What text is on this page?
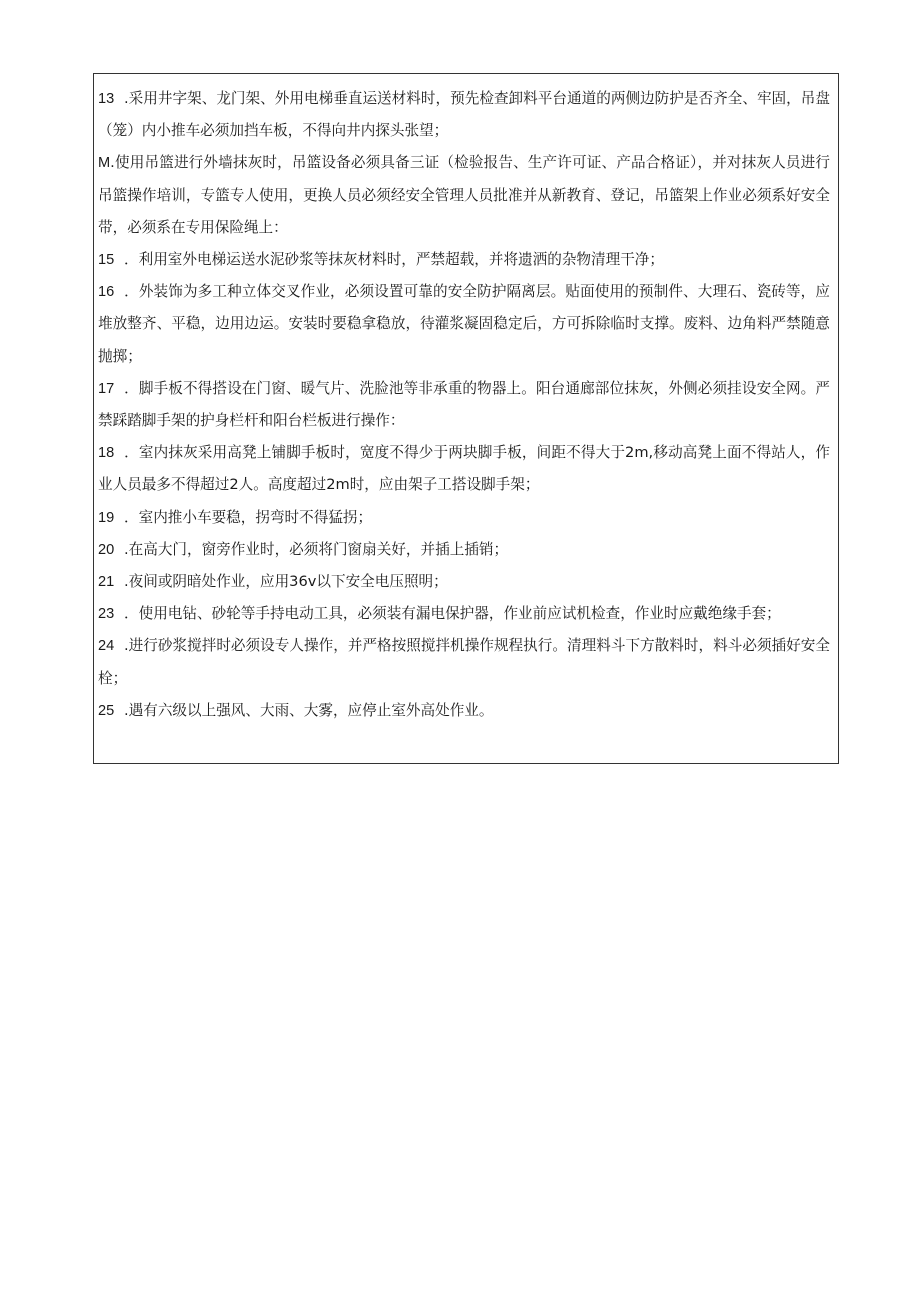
13 .采用井字架、龙门架、外用电梯垂直运送材料时，预先检查卸料平台通道的两侧边防护是否齐全、牢固，吊盘（笼）内小推车必须加挡车板，不得向井内探头张望；

M.使用吊篮进行外墙抹灰时，吊篮设备必须具备三证（检验报告、生产许可证、产品合格证），并对抹灰人员进行吊篮操作培训，专篮专人使用，更换人员必须经安全管理人员批准并从新教育、登记，吊篮架上作业必须系好安全带，必须系在专用保险绳上：

15 ．利用室外电梯运送水泥砂浆等抹灰材料时，严禁超载，并将遗洒的杂物清理干净；

16 ．外装饰为多工种立体交叉作业，必须设置可靠的安全防护隔离层。贴面使用的预制件、大理石、瓷砖等，应堆放整齐、平稳，边用边运。安装时要稳拿稳放，待灌浆凝固稳定后，方可拆除临时支撑。废料、边角料严禁随意抛掷；

17 ．脚手板不得搭设在门窗、暖气片、洗脸池等非承重的物器上。阳台通廊部位抹灰，外侧必须挂设安全网。严禁踩踏脚手架的护身栏杆和阳台栏板进行操作：

18 ．室内抹灰采用高凳上铺脚手板时，宽度不得少于两块脚手板，间距不得大于2m,移动高凳上面不得站人，作业人员最多不得超过2人。高度超过2m时，应由架子工搭设脚手架；

19 ．室内推小车要稳，拐弯时不得猛拐；

20 .在高大门，窗旁作业时，必须将门窗扇关好，并插上插销；

21 .夜间或阴暗处作业，应用36v以下安全电压照明；

23 ．使用电钻、砂轮等手持电动工具，必须装有漏电保护器，作业前应试机检查，作业时应戴绝缘手套；

24 .进行砂浆搅拌时必须设专人操作，并严格按照搅拌机操作规程执行。清理料斗下方散料时，料斗必须插好安全栓；

25 .遇有六级以上强风、大雨、大雾，应停止室外高处作业。
